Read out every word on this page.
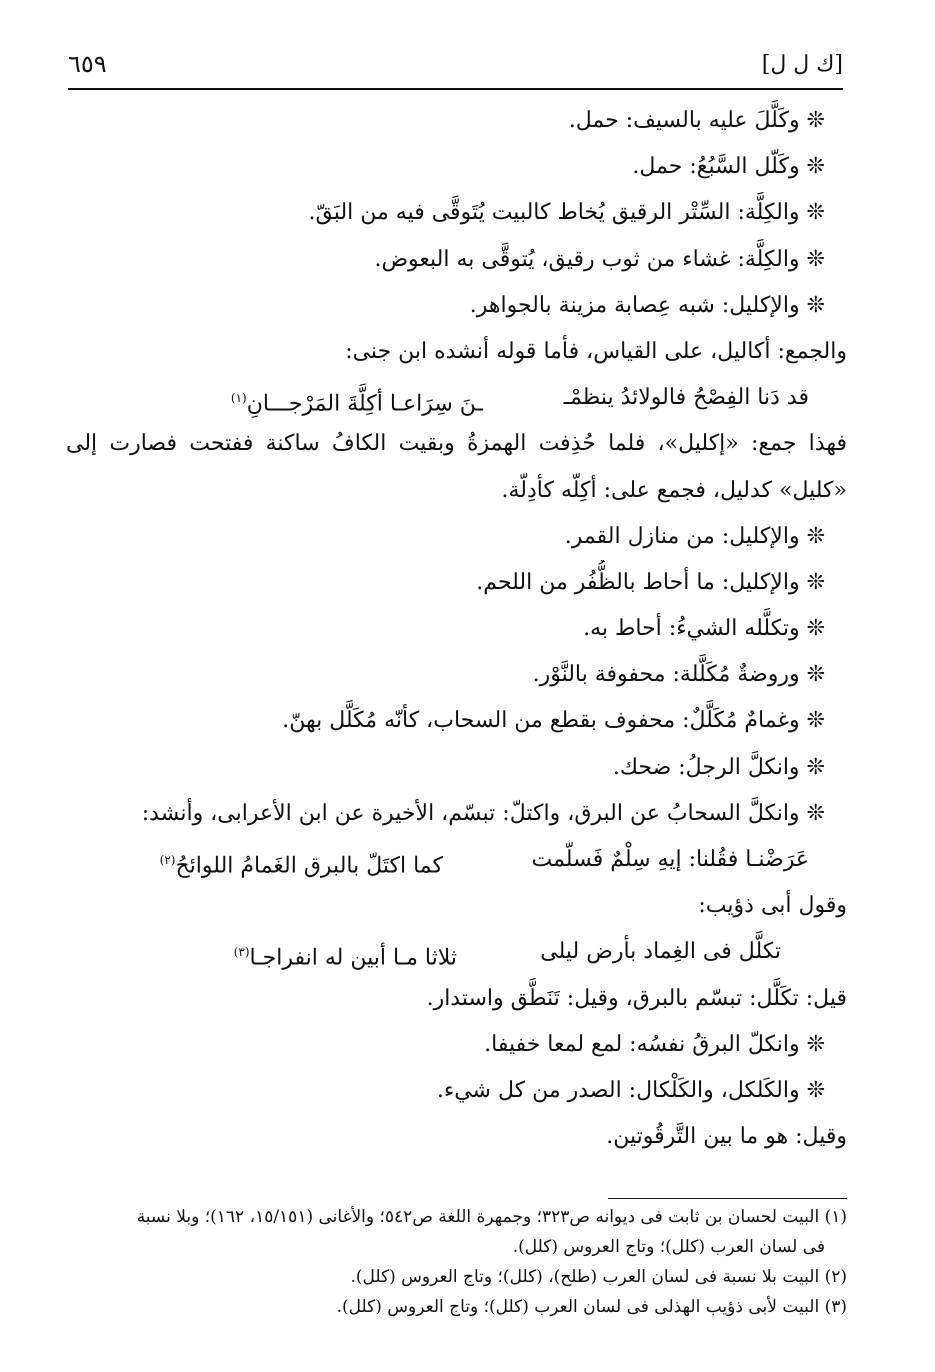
٦٥٩	[ك ل ل]
❊ وكَلَّلَ عليه بالسيف: حمل.
❊ وكَلّل السَّبُعُ: حمل.
❊ والكِلَّة: السِّتْر الرقيق يُخاط كالبيت يُتَوقَّى فيه من البَقّ.
❊ والكِلَّة: غشاء من ثوب رقيق، يُتوقَّى به البعوض.
❊ والإكليل: شبه عِصابة مزينة بالجواهر.
والجمع: أكاليل، على القياس، فأما قوله أنشده ابن جنى:
قد دَنا الفِصْحُ فالولائدُ ينظمْـ
ـنَ سِرَاعـا أكِلَّةَ المَرْجـــانِ$^{(١)}$
فهذا جمع: «إكليل»، فلما حُذِفت الهمزةُ وبقيت الكافُ ساكنة ففتحت فصارت إلى
«كليل» كدليل، فجمع على: أكِلّه كأدِلّة.
❊ والإكليل: من منازل القمر.
❊ والإكليل: ما أحاط بالظُّفُر من اللحم.
❊ وتكلَّله الشيءُ: أحاط به.
❊ وروضةٌ مُكَلَّلة: محفوفة بالنَّوْر.
❊ وغمامٌ مُكَلَّلٌ: محفوف بقطع من السحاب، كأنّه مُكَلَّل بهنّ.
❊ وانكلَّ الرجلُ: ضحك.
❊ وانكلَّ السحابُ عن البرق، واكتلّ: تبسّم، الأخيرة عن ابن الأعرابى، وأنشد:
عَرَضْنـا فقُلنا: إيهِ سِلْمٌ فَسلّمت
كما اكتَلّ بالبرق الغَمامُ اللوائحُ$^{(٢)}$
وقول أبى ذؤيب:
تكلَّل فى الغِماد بأرض ليلى
ثلاثا مـا أبين له انفراجـا$^{(٣)}$
قيل: تكَلَّل: تبسّم بالبرق، وقيل: تَنَطَّق واستدار.
❊ وانكلّ البرقُ نفسُه: لمع لمعا خفيفا.
❊ والكَلكل، والكَلْكال: الصدر من كل شيء.
وقيل: هو ما بين التَّرقُوتين.
(١) البيت لحسان بن ثابت فى ديوانه ص٣٢٣؛ وجمهرة اللغة ص٥٤٢؛ والأغانى (١٥/١٥١، ١٦٢)؛ وبلا نسبة
فى لسان العرب (كلل)؛ وتاج العروس (كلل).
(٢) البيت بلا نسبة فى لسان العرب (طلح)، (كلل)؛ وتاج العروس (كلل).
(٣) البيت لأبى ذؤيب الهذلى فى لسان العرب (كلل)؛ وتاج العروس (كلل).
